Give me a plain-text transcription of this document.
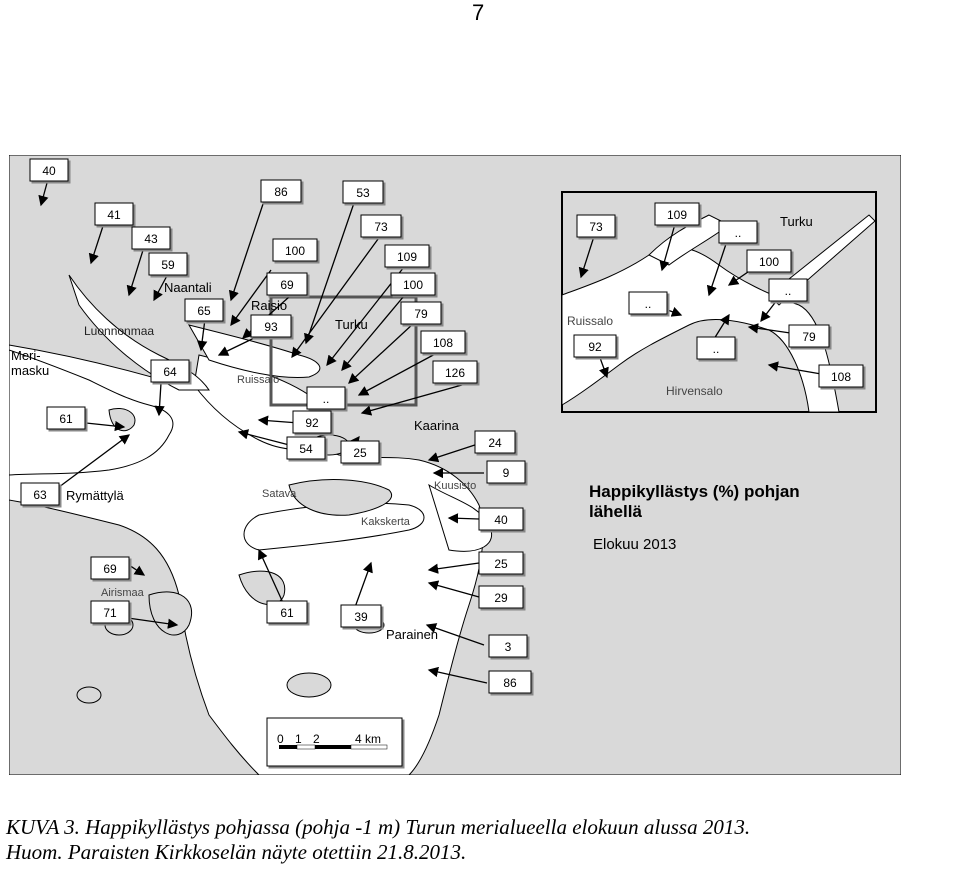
7
0 1 2	4 km
Meri-
masku
Luonnonmaa
Naantali
Raisio
Ruissalo
Turku
Kaarina
Kuusisto
Rymättylä	Satava
Kakskerta
Airismaa
Parainen
Ruissalo
Turku
Hirvensalo
40
41
43
59
65
64
61
63
69
71
86
100
69
93
53
73
109
100
79
108
126
..
92
54	25
24
9
40
25
29
3
86
61	39
73
109
..
100
..
..
92	..
79
108
Happikyllästys (%) pohjan
lähellä
Elokuu 2013
KUVA 3. Happikyllästys pohjassa (pohja -1 m) Turun merialueella elokuun alussa 2013.
Huom. Paraisten Kirkkoselän näyte otettiin 21.8.2013.
